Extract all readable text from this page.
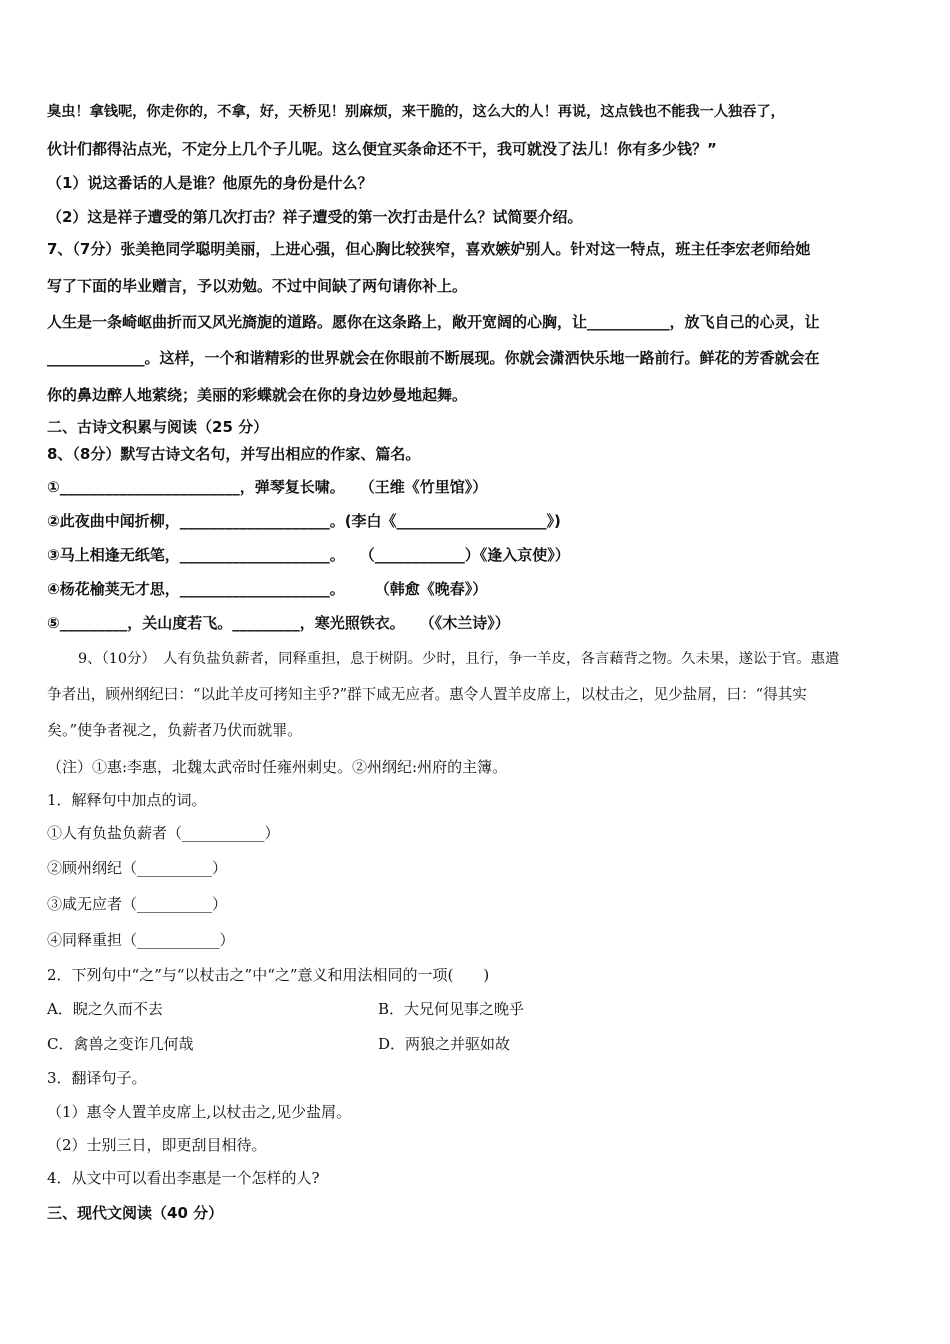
臭虫！拿钱呢，你走你的，不拿，好，天桥见！别麻烦，来干脆的，这么大的人！再说，这点钱也不能我一人独吞了，
伙计们都得沾点光，不定分上几个子儿呢。这么便宜买条命还不干，我可就没了法儿！你有多少钱？”
（1）说这番话的人是谁？他原先的身份是什么？
（2）这是祥子遭受的第几次打击？祥子遭受的第一次打击是什么？试简要介绍。
7、（7分）张美艳同学聪明美丽，上进心强，但心胸比较狭窄，喜欢嫉妒别人。针对这一特点，班主任李宏老师给她
写了下面的毕业赠言，予以劝勉。不过中间缺了两句请你补上。
人生是一条崎岖曲折而又风光旖旎的道路。愿你在这条路上，敞开宽阔的心胸，让___________，放飞自己的心灵，让
_____________。这样，一个和谐精彩的世界就会在你眼前不断展现。你就会潇洒快乐地一路前行。鲜花的芳香就会在
你的鼻边醉人地萦绕；美丽的彩蝶就会在你的身边妙曼地起舞。
二、古诗文积累与阅读（25 分）
8、（8分）默写古诗文名句，并写出相应的作家、篇名。
①________________________，弹琴复长啸。　　（王维《竹里馆》）
②此夜曲中闻折柳，____________________。(李白《____________________》)
③马上相逢无纸笔，____________________。　　（____________）《逢入京使》）
④杨花榆荚无才思，____________________。　　　（韩愈《晚春》）
⑤_________，关山度若飞。_________，寒光照铁衣。　　（《木兰诗》）
9、（10分）　人有负盐负薪者，同释重担，息于树阴。少时，且行，争一羊皮，各言藉背之物。久未果，遂讼于官。惠遣
争者出，顾州纲纪曰：“以此羊皮可拷知主乎?”群下咸无应者。惠令人置羊皮席上，以杖击之，见少盐屑，曰：“得其实
矣。”使争者视之，负薪者乃伏而就罪。
（注）①惠:李惠，北魏太武帝时任雍州刺史。②州纲纪:州府的主簿。
1．解释句中加点的词。
①人有负盐负薪者（___________）
②顾州纲纪（__________）
③咸无应者（__________）
④同释重担（___________）
2．下列句中“之”与“以杖击之”中“之”意义和用法相同的一项(　　)
A．睨之久而不去	B．大兄何见事之晚乎
C．禽兽之变诈几何哉	D．两狼之并驱如故
3．翻译句子。
（1）惠令人置羊皮席上,以杖击之,见少盐屑。
（2）士别三日，即更刮目相待。
4．从文中可以看出李惠是一个怎样的人?
三、现代文阅读（40 分）
